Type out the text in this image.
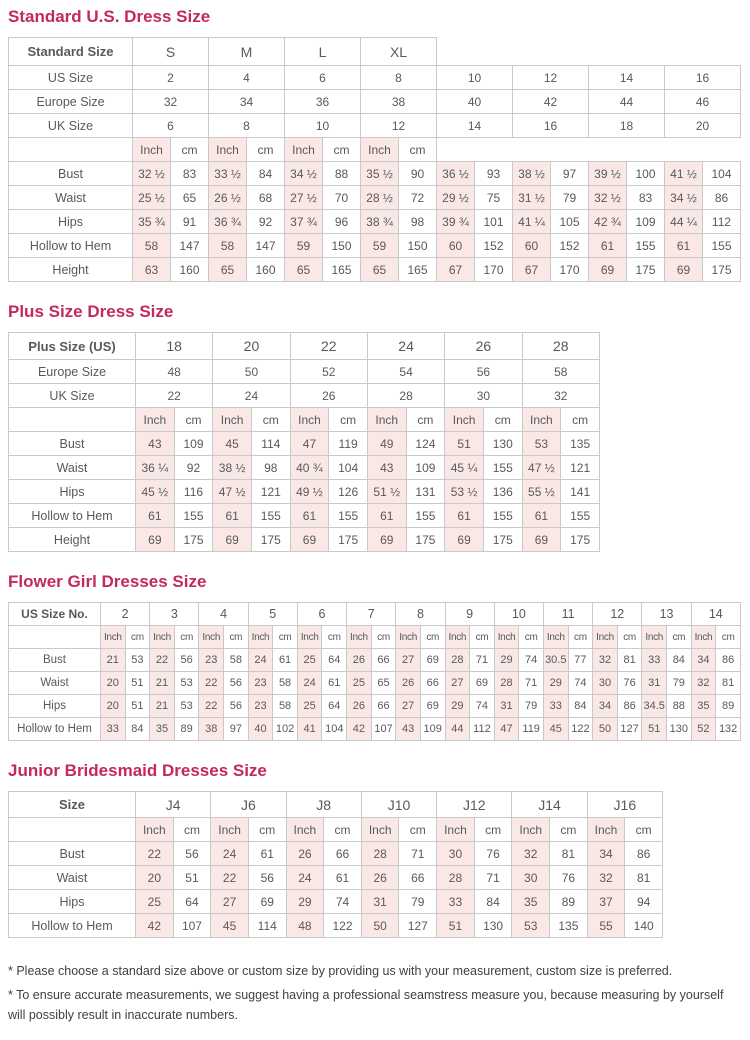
Standard U.S. Dress Size
Standard Size	S		M		L		XL									
US Size	2		4		6		8		10		12		14		16	
Europe Size	32		34		36		38		40		42		44		46	
UK Size	6		8		10		12		14		16		18		20	
	Inch	cm	Inch	cm	Inch	cm	Inch	cm								
Bust	32 ½	83	33 ½	84	34 ½	88	35 ½	90	36 ½	93	38 ½	97	39 ½	100	41 ½	104
Waist	25 ½	65	26 ½	68	27 ½	70	28 ½	72	29 ½	75	31 ½	79	32 ½	83	34 ½	86
Hips	35 ¾	91	36 ¾	92	37 ¾	96	38 ¾	98	39 ¾	101	41 ¼	105	42 ¾	109	44 ¼	112
Hollow to Hem	58	147	58	147	59	150	59	150	60	152	60	152	61	155	61	155
Height	63	160	65	160	65	165	65	165	67	170	67	170	69	175	69	175
Plus Size Dress Size
Plus Size (US)	18		20		22		24		26		28	
Europe Size	48		50		52		54		56		58	
UK Size	22		24		26		28		30		32	
	Inch	cm	Inch	cm	Inch	cm	Inch	cm	Inch	cm	Inch	cm
Bust	43	109	45	114	47	119	49	124	51	130	53	135
Waist	36 ¼	92	38 ½	98	40 ¾	104	43	109	45 ¼	155	47 ½	121
Hips	45 ½	116	47 ½	121	49 ½	126	51 ½	131	53 ½	136	55 ½	141
Hollow to Hem	61	155	61	155	61	155	61	155	61	155	61	155
Height	69	175	69	175	69	175	69	175	69	175	69	175
Flower Girl Dresses Size
US Size No.	2		3		4		5		6		7		8		9		10		11		12		13		14	
	Inch	cm	Inch	cm	Inch	cm	Inch	cm	Inch	cm	Inch	cm	Inch	cm	Inch	cm	Inch	cm	Inch	cm	Inch	cm	Inch	cm	Inch	cm
Bust	21	53	22	56	23	58	24	61	25	64	26	66	27	69	28	71	29	74	30.5	77	32	81	33	84	34	86
Waist	20	51	21	53	22	56	23	58	24	61	25	65	26	66	27	69	28	71	29	74	30	76	31	79	32	81
Hips	20	51	21	53	22	56	23	58	25	64	26	66	27	69	29	74	31	79	33	84	34	86	34.5	88	35	89
Hollow to Hem	33	84	35	89	38	97	40	102	41	104	42	107	43	109	44	112	47	119	45	122	50	127	51	130	52	132
Junior Bridesmaid Dresses Size
Size	J4		J6		J8		J10		J12		J14		J16	
	Inch	cm	Inch	cm	Inch	cm	Inch	cm	Inch	cm	Inch	cm	Inch	cm
Bust	22	56	24	61	26	66	28	71	30	76	32	81	34	86
Waist	20	51	22	56	24	61	26	66	28	71	30	76	32	81
Hips	25	64	27	69	29	74	31	79	33	84	35	89	37	94
Hollow to Hem	42	107	45	114	48	122	50	127	51	130	53	135	55	140

* Please choose a standard size above or custom size by providing us with your measurement, custom size is preferred.

* To ensure accurate measurements, we suggest having a professional seamstress measure you, because measuring by yourself will possibly result in inaccurate numbers.
